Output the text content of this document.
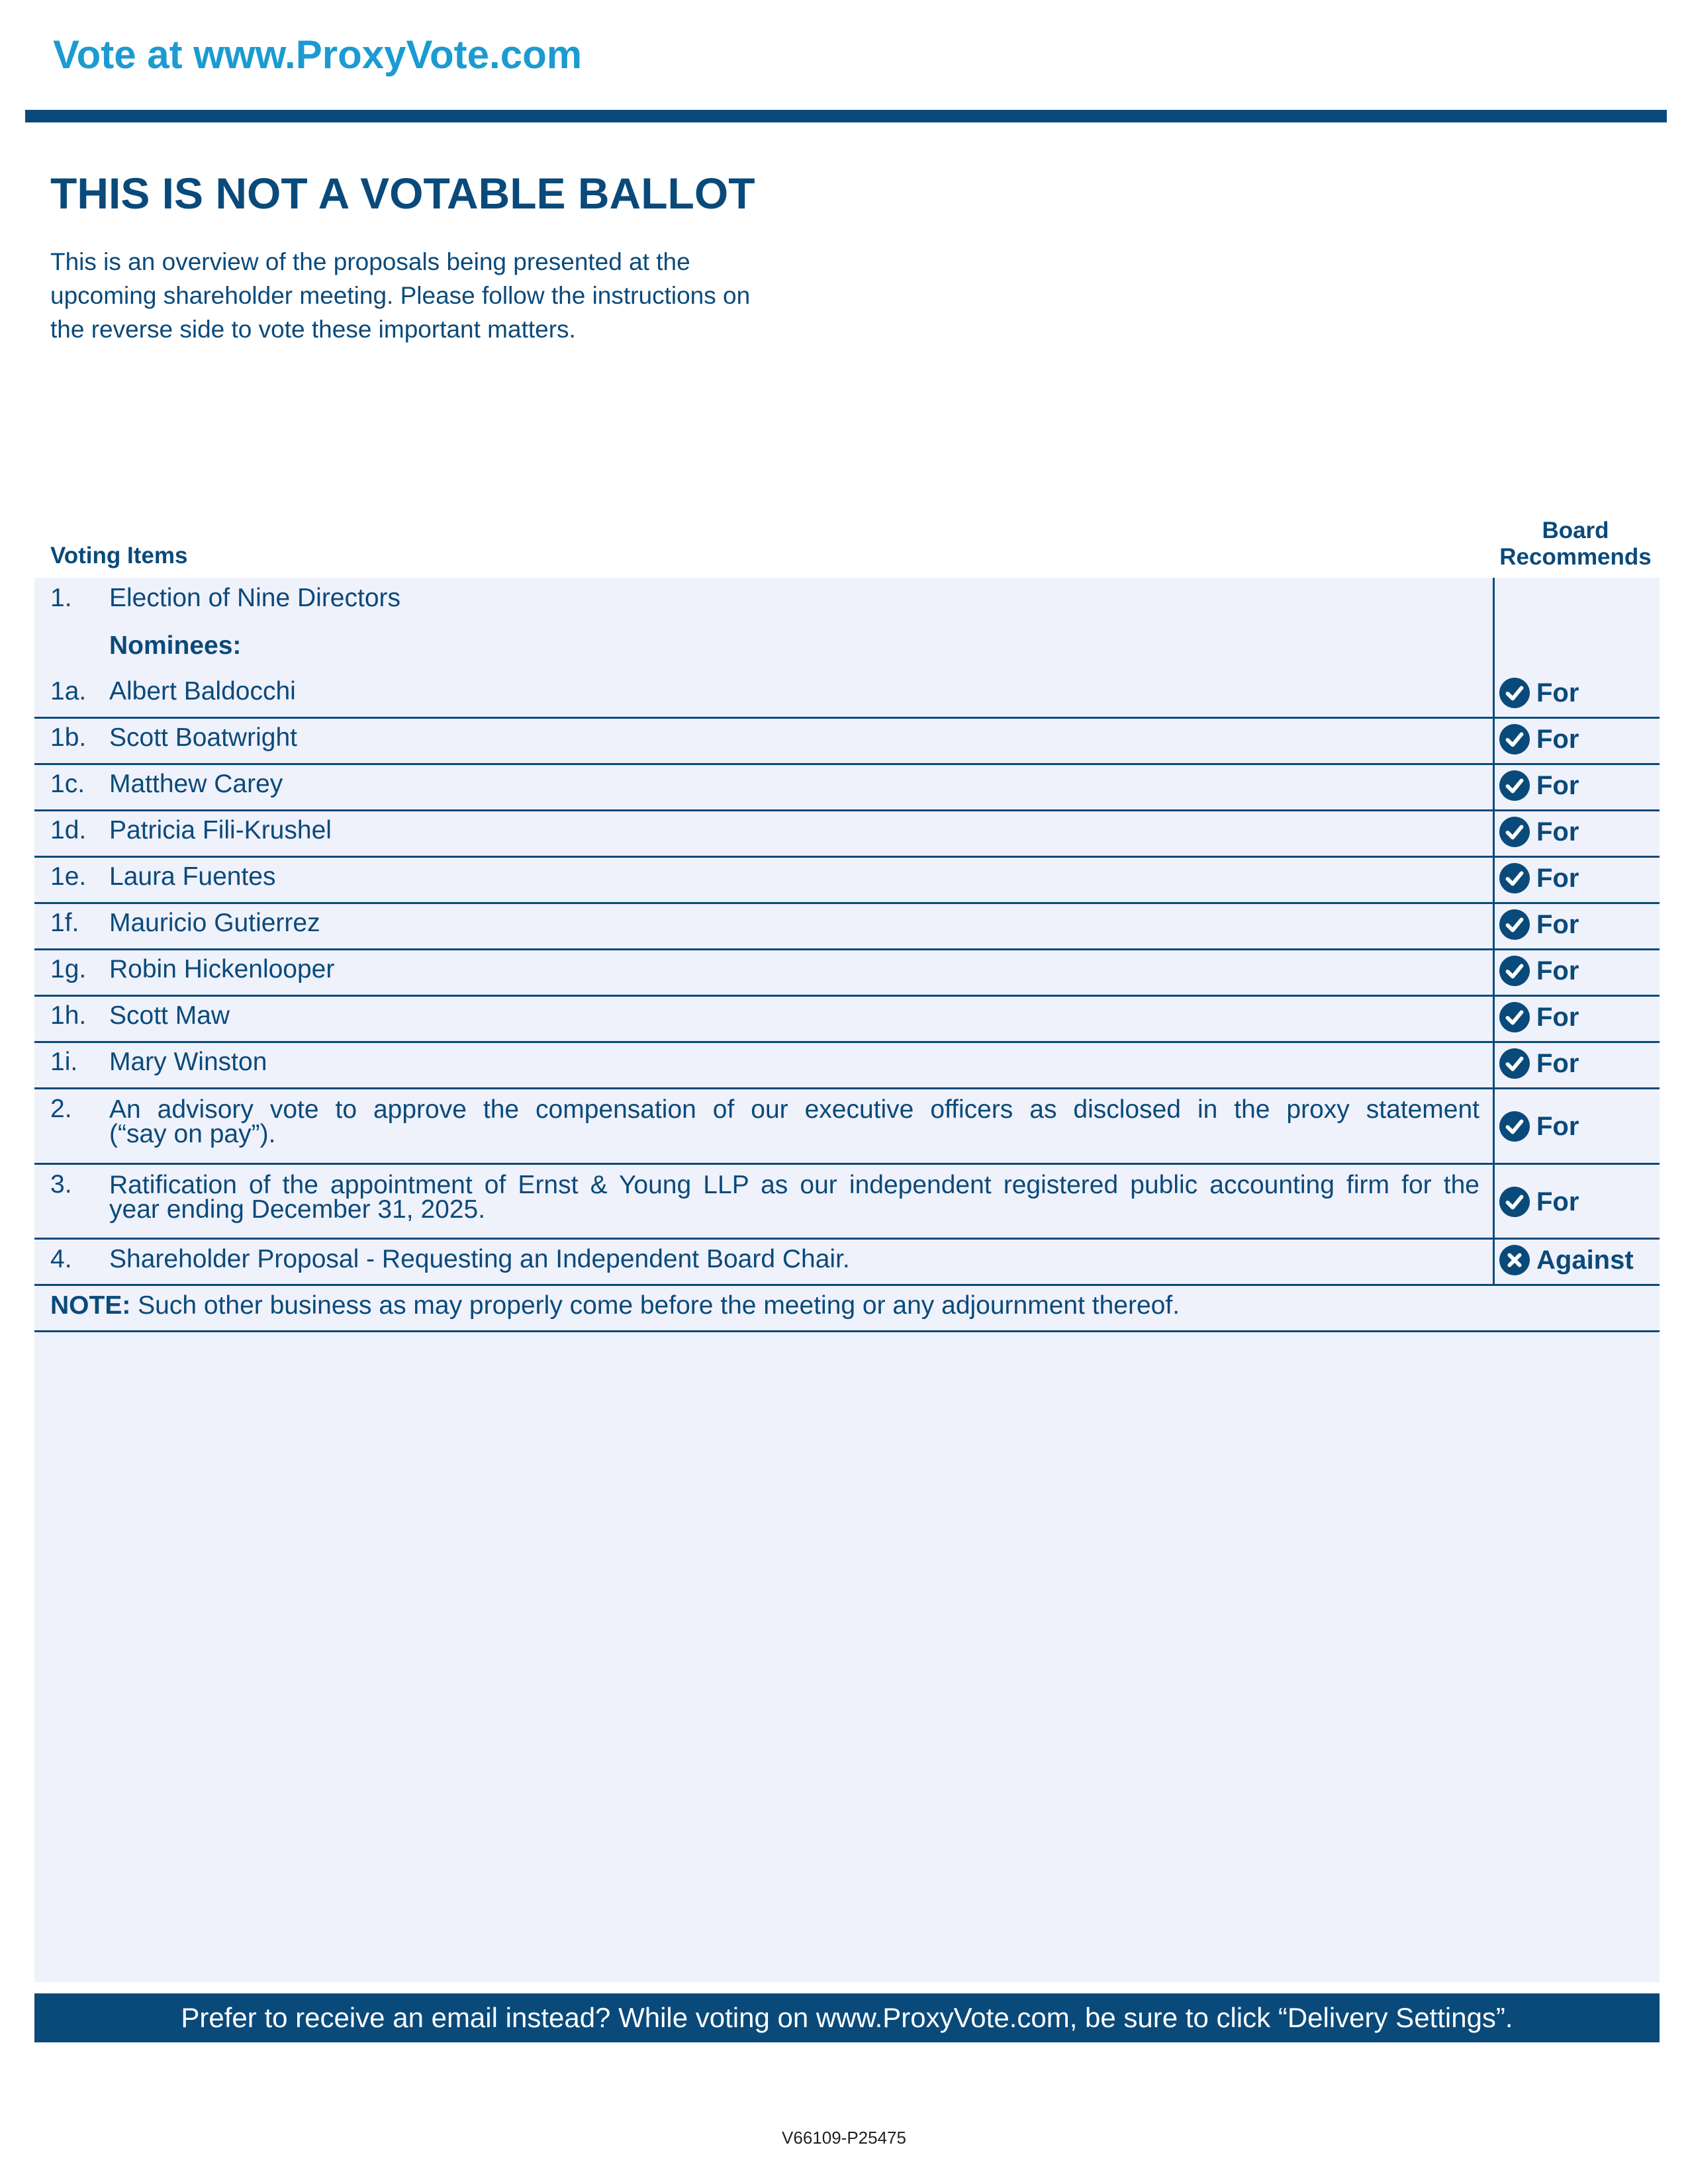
Vote at www.ProxyVote.com
THIS IS NOT A VOTABLE BALLOT
This is an overview of the proposals being presented at the
upcoming shareholder meeting. Please follow the instructions on
the reverse side to vote these important matters.
Voting Items
Board
Recommends
1. Election of Nine Directors
Nominees:
1a. Albert Baldocchi	For
1b. Scott Boatwright	For
1c. Matthew Carey	For
1d. Patricia Fili-Krushel	For
1e. Laura Fuentes	For
1f. Mauricio Gutierrez	For
1g. Robin Hickenlooper	For
1h. Scott Maw	For
1i. Mary Winston	For
2. An advisory vote to approve the compensation of our executive officers as disclosed in the proxy statement
(“say on pay”).	For
3. Ratification of the appointment of Ernst & Young LLP as our independent registered public accounting firm for the
year ending December 31, 2025.	For
4. Shareholder Proposal - Requesting an Independent Board Chair.	Against
NOTE: Such other business as may properly come before the meeting or any adjournment thereof.
Prefer to receive an email instead? While voting on www.ProxyVote.com, be sure to click “Delivery Settings”.
V66109-P25475
